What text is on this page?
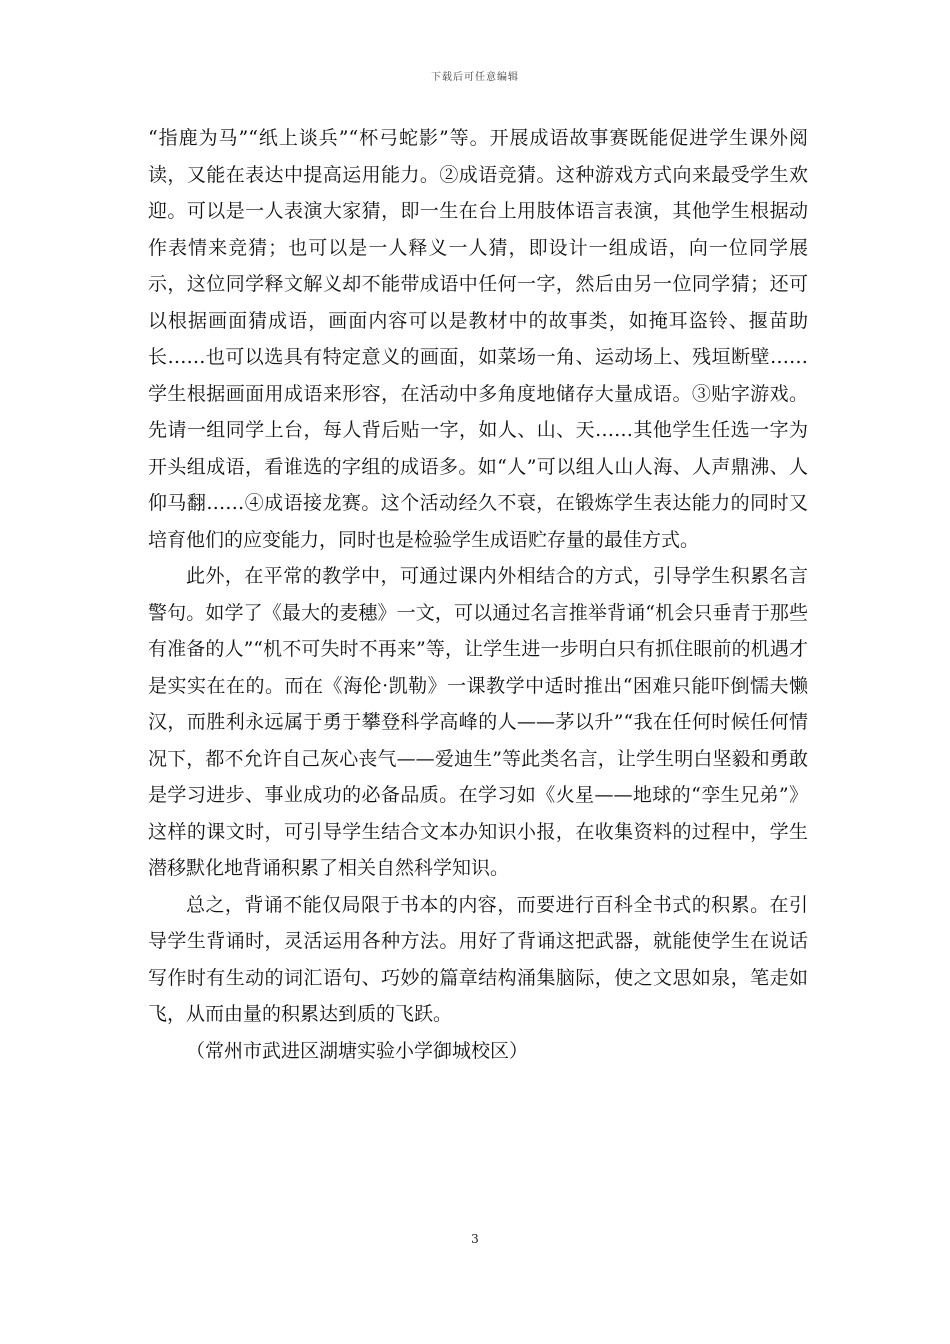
下载后可任意编辑

“指鹿为马”“纸上谈兵”“杯弓蛇影”等。开展成语故事赛既能促进学生课外阅读，又能在表达中提高运用能力。②成语竞猜。这种游戏方式向来最受学生欢迎。可以是一人表演大家猜，即一生在台上用肢体语言表演，其他学生根据动作表情来竞猜；也可以是一人释义一人猜，即设计一组成语，向一位同学展示，这位同学释文解义却不能带成语中任何一字，然后由另一位同学猜；还可以根据画面猜成语，画面内容可以是教材中的故事类，如掩耳盗铃、揠苗助长……也可以选具有特定意义的画面，如菜场一角、运动场上、残垣断壁……学生根据画面用成语来形容，在活动中多角度地储存大量成语。③贴字游戏。先请一组同学上台，每人背后贴一字，如人、山、天……其他学生任选一字为开头组成语，看谁选的字组的成语多。如“人”可以组人山人海、人声鼎沸、人仰马翻……④成语接龙赛。这个活动经久不衰，在锻炼学生表达能力的同时又培育他们的应变能力，同时也是检验学生成语贮存量的最佳方式。

此外，在平常的教学中，可通过课内外相结合的方式，引导学生积累名言警句。如学了《最大的麦穗》一文，可以通过名言推举背诵“机会只垂青于那些有准备的人”“机不可失时不再来”等，让学生进一步明白只有抓住眼前的机遇才是实实在在的。而在《海伦·凯勒》一课教学中适时推出“困难只能吓倒懦夫懒汉，而胜利永远属于勇于攀登科学高峰的人——茅以升”“我在任何时候任何情况下，都不允许自己灰心丧气——爱迪生”等此类名言，让学生明白坚毅和勇敢是学习进步、事业成功的必备品质。在学习如《火星——地球的“孪生兄弟”》这样的课文时，可引导学生结合文本办知识小报，在收集资料的过程中，学生潜移默化地背诵积累了相关自然科学知识。

总之，背诵不能仅局限于书本的内容，而要进行百科全书式的积累。在引导学生背诵时，灵活运用各种方法。用好了背诵这把武器，就能使学生在说话写作时有生动的词汇语句、巧妙的篇章结构涌集脑际，使之文思如泉，笔走如飞，从而由量的积累达到质的飞跃。

（常州市武进区湖塘实验小学御城校区）

3
